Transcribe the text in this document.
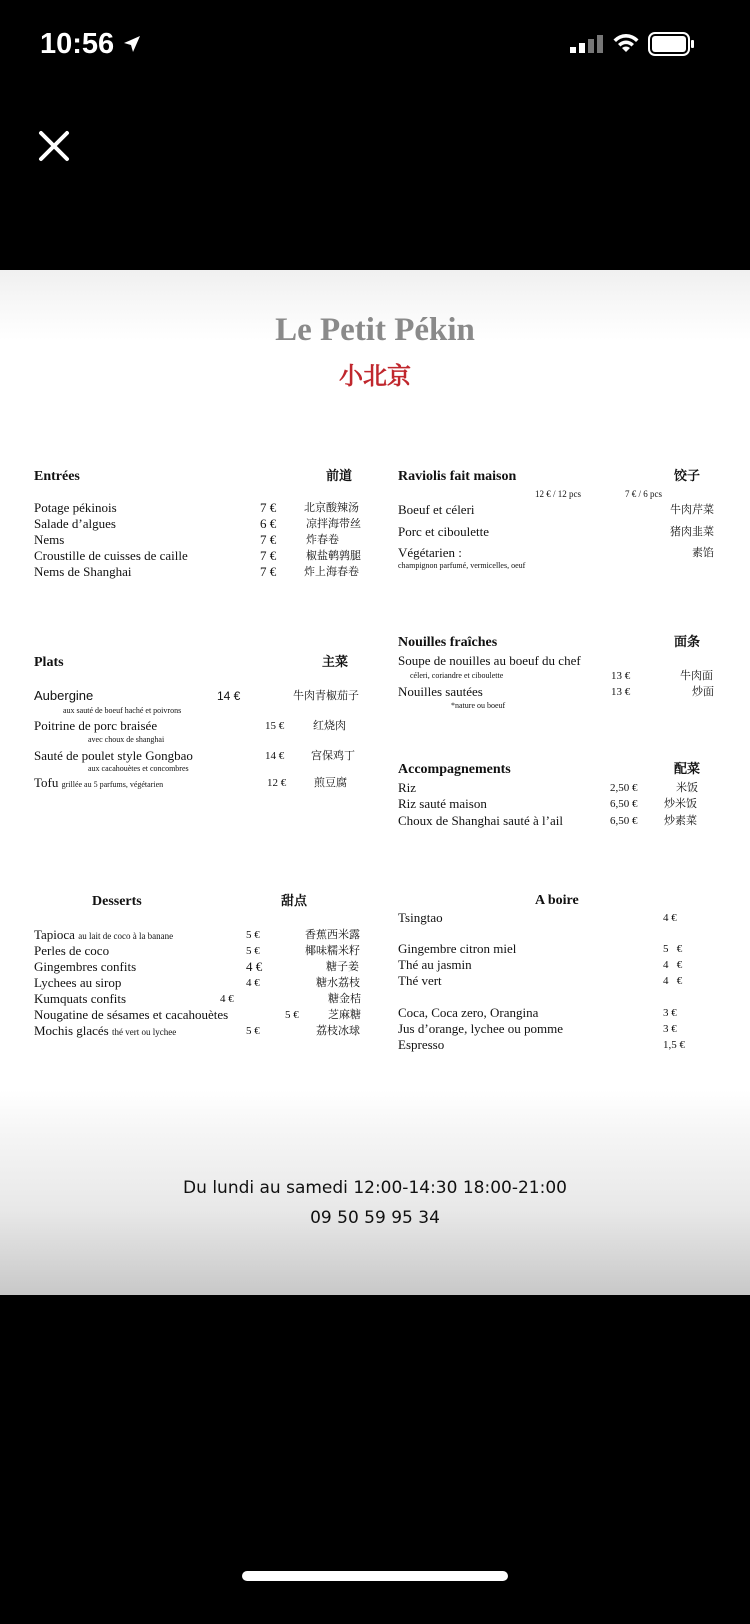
10:56
Le Petit Pékin
小北京
Entrées	前道
Potage pékinois	7 €	北京酸辣汤
Salade d’algues	6 €	凉拌海带丝
Nems	7 €	炸春卷
Croustille de cuisses de caille	7 €	椒盐鹌鹑腿
Nems de Shanghai	7 €	炸上海春卷
Raviolis fait maison	饺子
12 € / 12 pcs	7 € / 6 pcs
Boeuf et céleri	牛肉芹菜
Porc et ciboulette	猪肉韭菜
Végétarien :	素馅
champignon parfumé, vermicelles, oeuf
Plats	主菜
Aubergine	14 €	牛肉青椒茄子
aux sauté de boeuf haché et poivrons
Poitrine de porc braisée	15 €	红烧肉
avec choux de shanghai
Sauté de poulet style Gongbao	14 € 宫保鸡丁
aux cacahouètes et concombres
Tofu grillée au 5 parfums, végétarien	12 €	煎豆腐
Nouilles fraîches	面条
Soupe de nouilles au boeuf du chef
céleri, coriandre et ciboulette	13 €	牛肉面
Nouilles sautées	13 €	炒面
*nature ou boeuf
Accompagnements	配菜
Riz	2,50 €	米饭
Riz sauté maison	6,50 € 炒米饭
Choux de Shanghai sauté à l’ail	6,50 € 炒素菜
Desserts	甜点
Tapioca au lait de coco à la banane	5 €	香蕉西米露
Perles de coco	5 €	椰味糯米籽
Gingembres confits	4 €	糖子姜
Lychees au sirop	4 €	糖水荔枝
Kumquats confits	4 €	糖金桔
Nougatine de sésames et cacahouètes	5 €	芝麻糖
Mochis glacés thé vert ou lychee	5 €	荔枝冰球
A boire
Tsingtao	4 €
Gingembre citron miel	5   €
Thé au jasmin	4   €
Thé vert	4   €
Coca, Coca zero, Orangina	3 €
Jus d’orange, lychee ou pomme	3 €
Espresso	1,5 €
Du lundi au samedi 12:00-14:30 18:00-21:00
09 50 59 95 34
